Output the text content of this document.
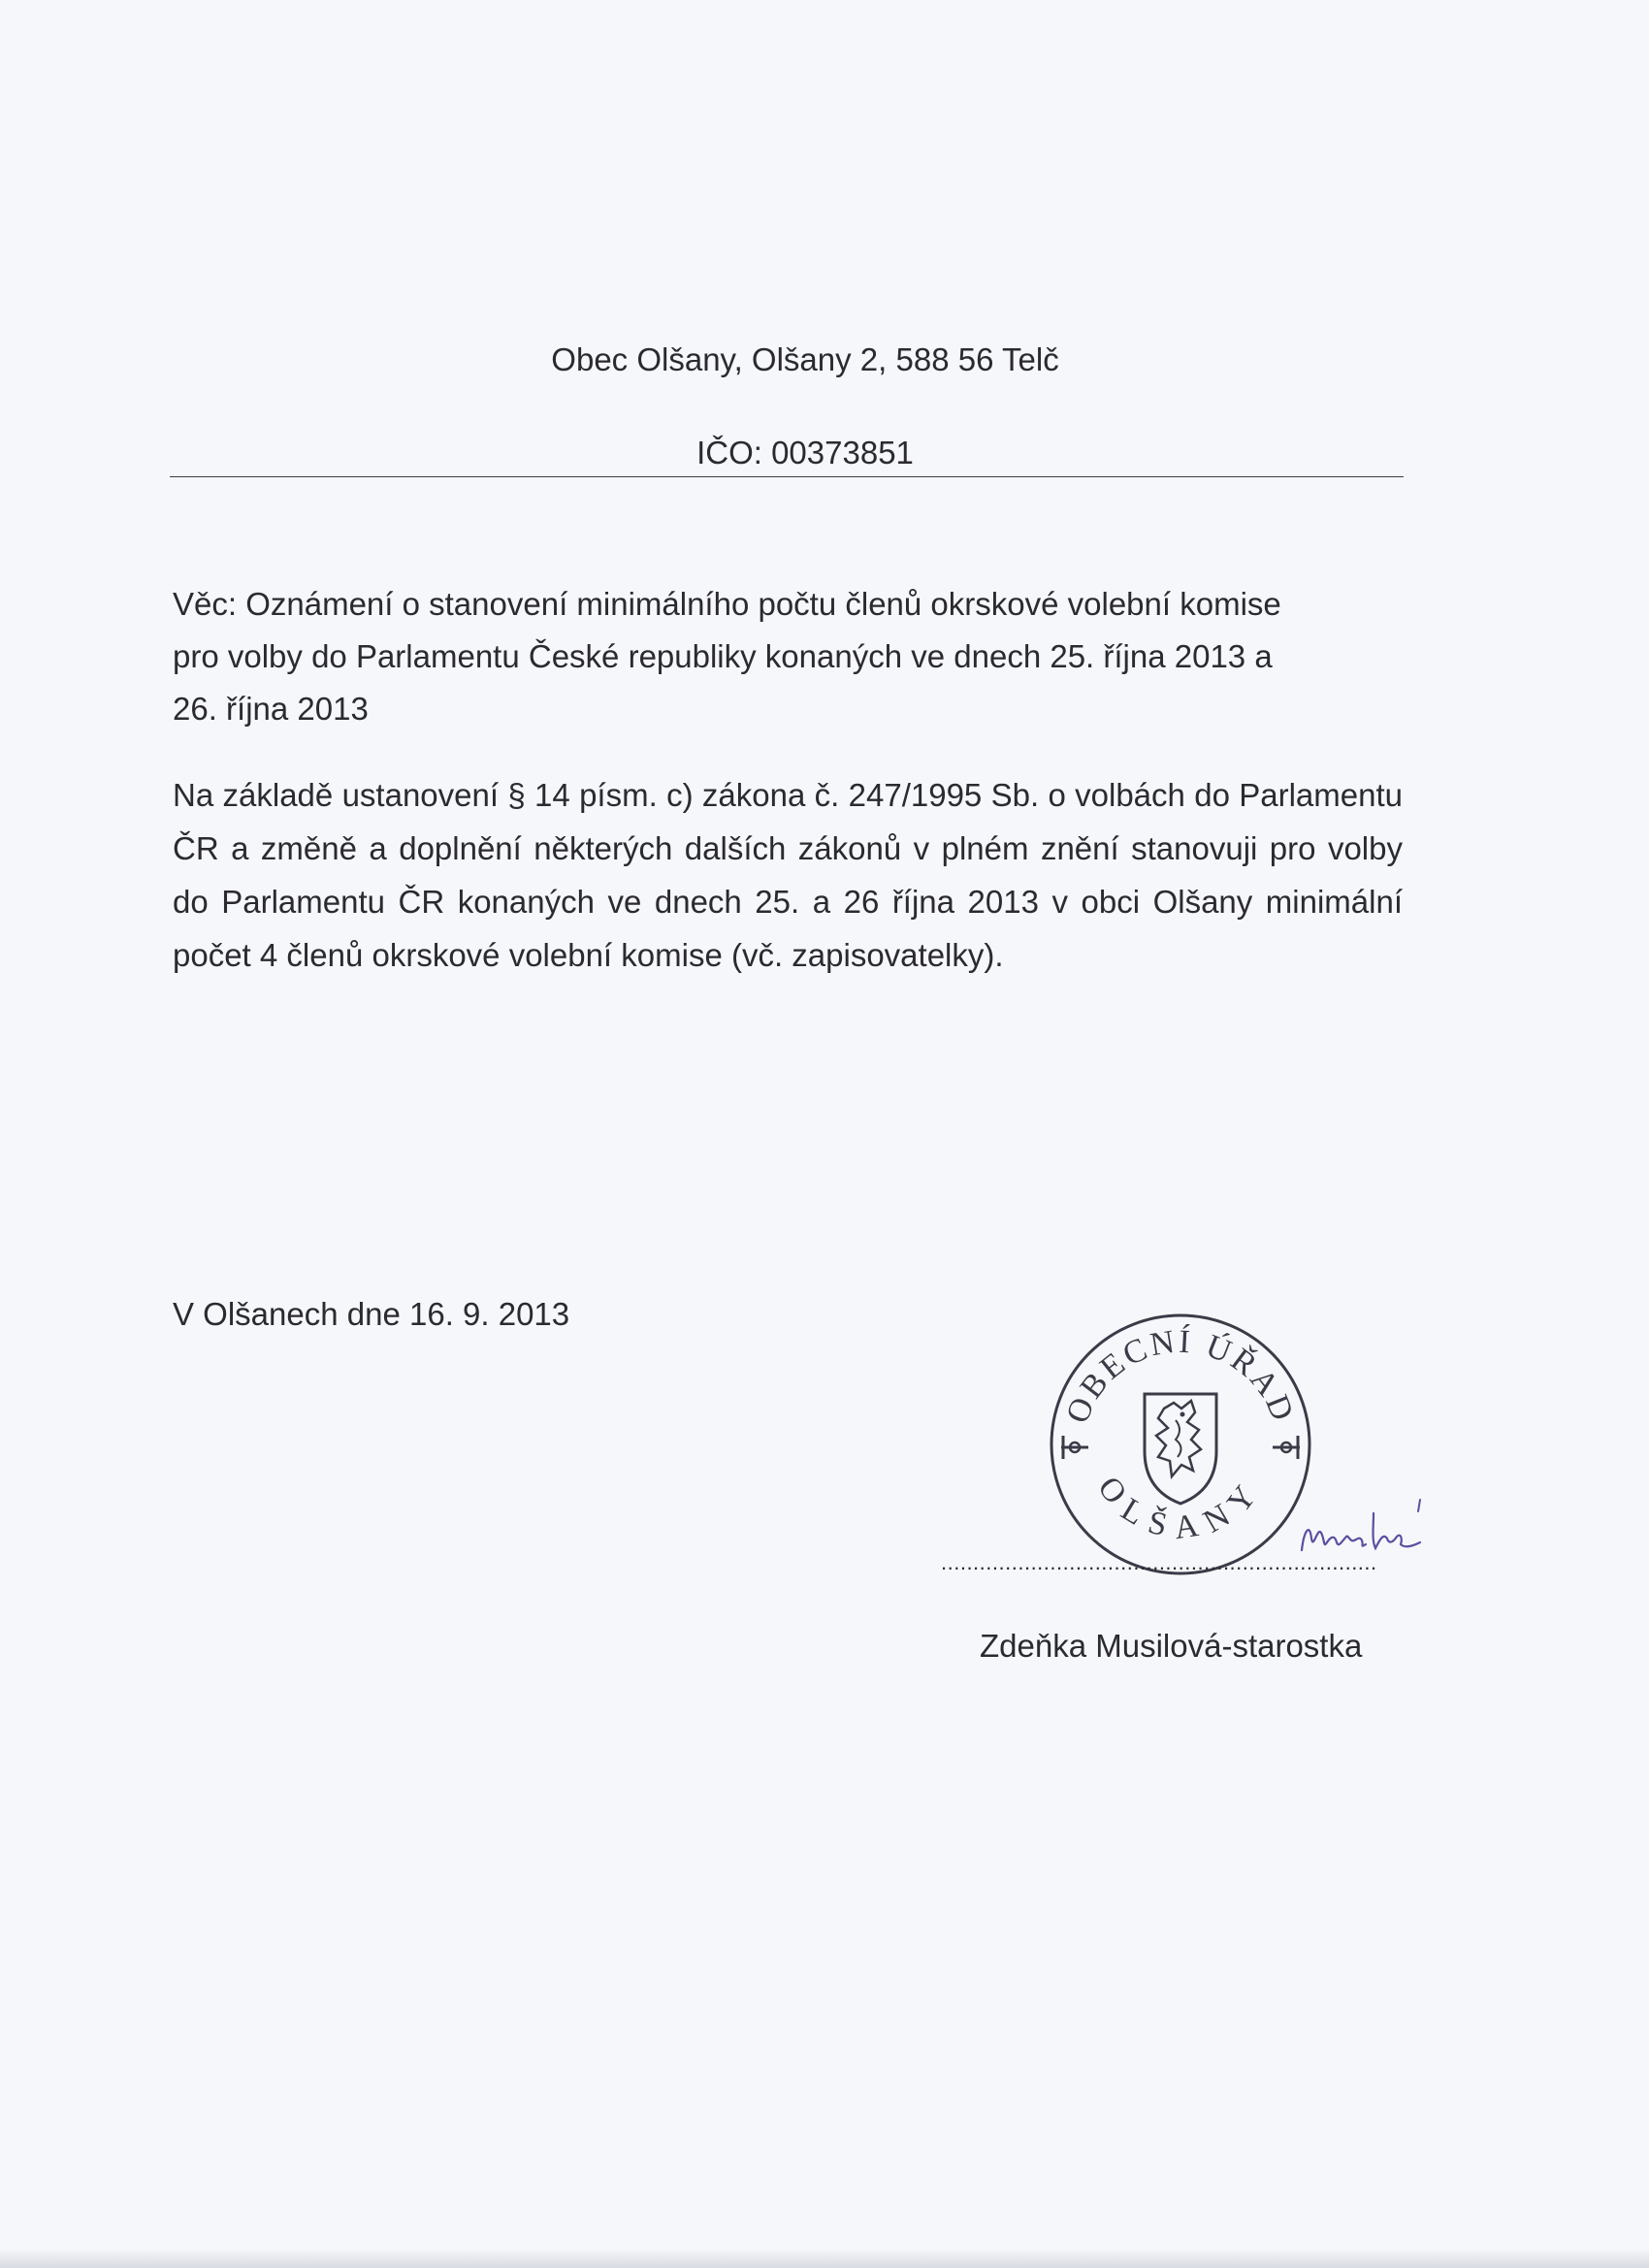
Obec Olšany, Olšany 2, 588 56 Telč
IČO: 00373851
Věc: Oznámení o stanovení minimálního počtu členů okrskové volební komise
pro volby do Parlamentu České republiky konaných ve dnech 25. října 2013 a
26. října 2013
Na základě ustanovení § 14 písm. c) zákona č. 247/1995 Sb. o volbách do Parlamentu ČR a změně a doplnění některých dalších zákonů v plném znění stanovuji pro volby do Parlamentu ČR konaných ve dnech 25. a 26 října 2013 v obci Olšany minimální počet 4 členů okrskové volební komise (vč. zapisovatelky).
V Olšanech dne 16. 9. 2013
OBECNÍ ÚŘAD
OLŠANY
....................................................................
Zdeňka Musilová-starostka
